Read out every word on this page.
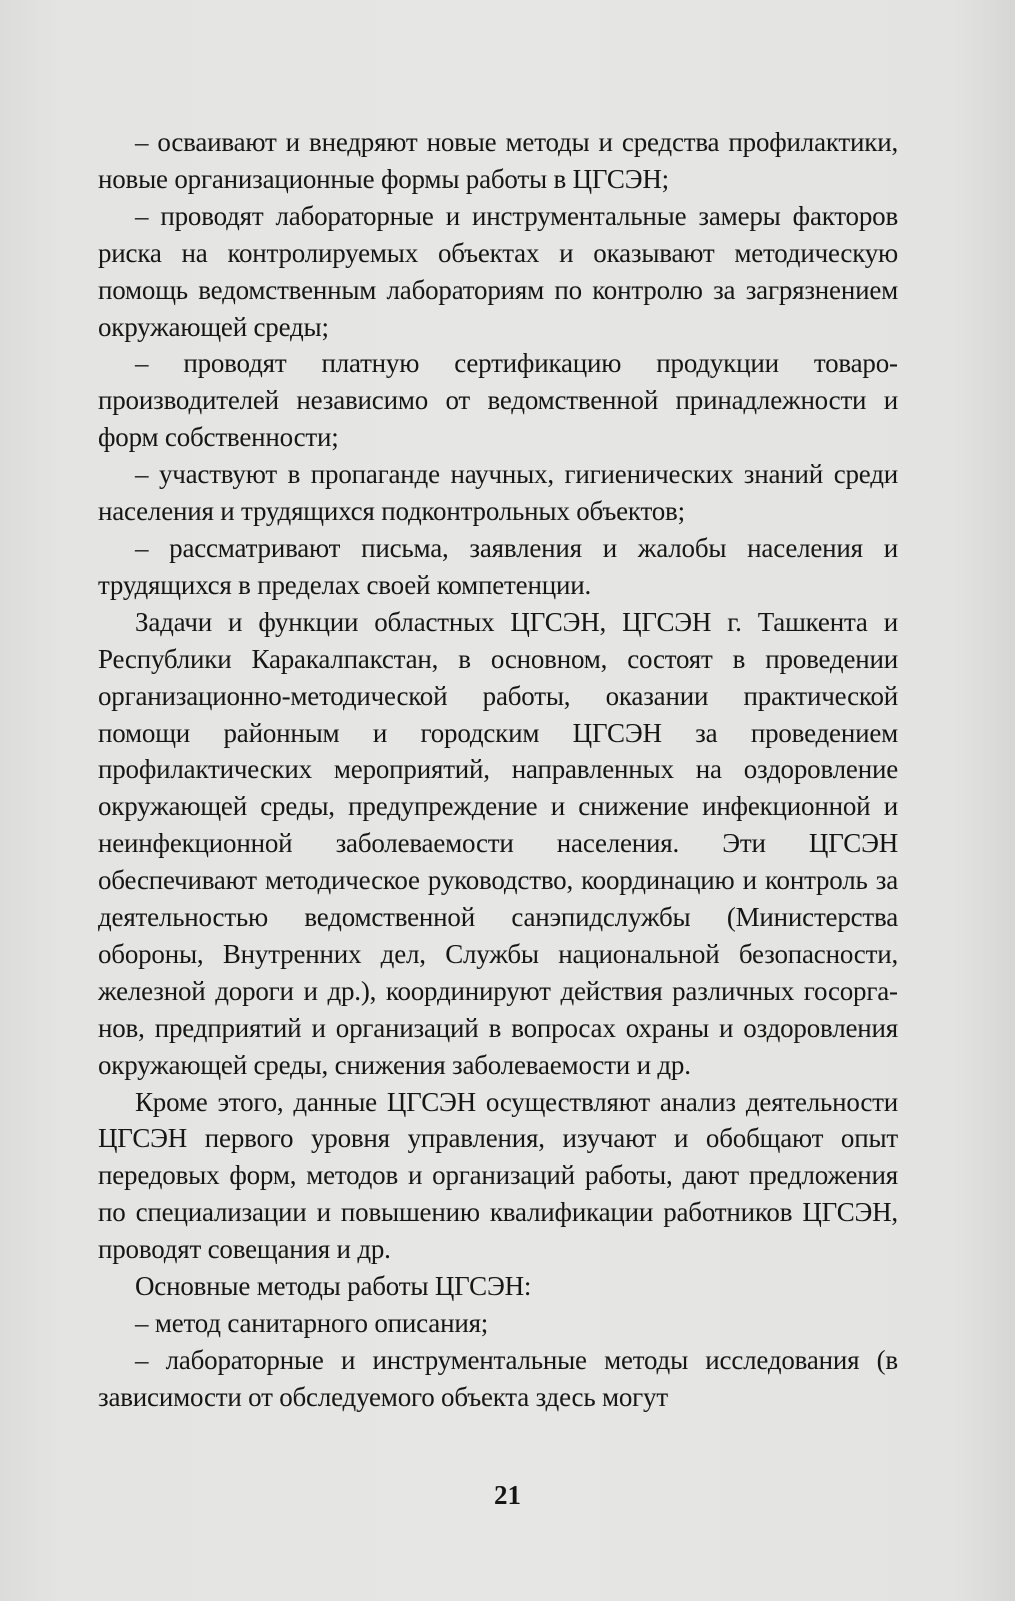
– осваивают и внедряют новые методы и средства профилактики, новые организационные формы работы в ЦГСЭН;

– проводят лабораторные и инструментальные замеры факторов риска на контролируемых объектах и оказывают методическую помощь ведомственным лабораториям по контролю за загрязнением окружающей среды;

– проводят платную сертификацию продукции товаропроизводителей независимо от ведомственной принадлежности и форм собственности;

– участвуют в пропаганде научных, гигиенических знаний среди населения и трудящихся подконтрольных объектов;

– рассматривают письма, заявления и жалобы населения и трудящихся в пределах своей компетенции.

Задачи и функции областных ЦГСЭН, ЦГСЭН г. Ташкента и Республики Каракалпакстан, в основном, состоят в проведении организационно-методической работы, оказании практической помощи районным и городским ЦГСЭН за проведением профилактических мероприятий, направленных на оздоровление окружающей среды, предупреждение и снижение инфекционной и неинфекционной заболеваемости населения. Эти ЦГСЭН обеспечивают методическое руководство, координацию и контроль за деятельностью ведомственной санэпидслужбы (Министерства обороны, Внутренних дел, Службы национальной безопасности, железной дороги и др.), координируют действия различных госорганов, предприятий и организаций в вопросах охраны и оздоровления окружающей среды, снижения заболеваемости и др.

Кроме этого, данные ЦГСЭН осуществляют анализ деятельности ЦГСЭН первого уровня управления, изучают и обобщают опыт передовых форм, методов и организаций работы, дают предложения по специализации и повышению квалификации работников ЦГСЭН, проводят совещания и др.

Основные методы работы ЦГСЭН:

– метод санитарного описания;

– лабораторные и инструментальные методы исследования (в зависимости от обследуемого объекта здесь могут

21
